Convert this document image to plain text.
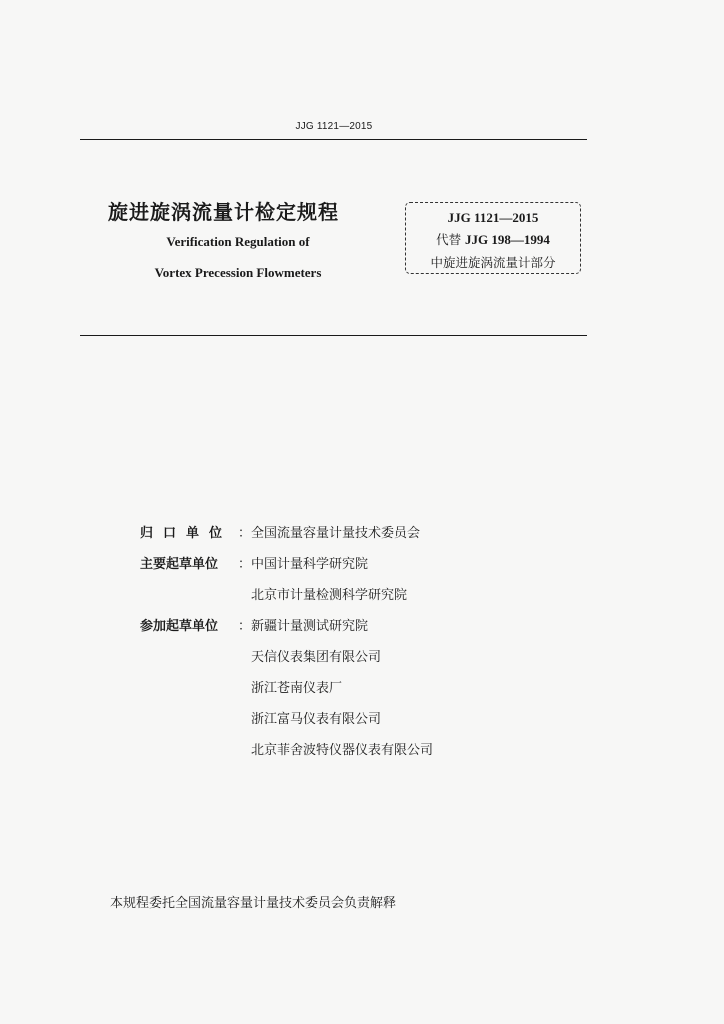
JJG 1121—2015
旋进旋涡流量计检定规程
Verification Regulation of
Vortex Precession Flowmeters
JJG 1121—2015
代替 JJG 198—1994
中旋进旋涡流量计部分
归口单位 ： 全国流量容量计量技术委员会
主要起草单位 ： 中国计量科学研究院
北京市计量检测科学研究院
参加起草单位 ： 新疆计量测试研究院
天信仪表集团有限公司
浙江苍南仪表厂
浙江富马仪表有限公司
北京菲舍波特仪器仪表有限公司
本规程委托全国流量容量计量技术委员会负责解释
